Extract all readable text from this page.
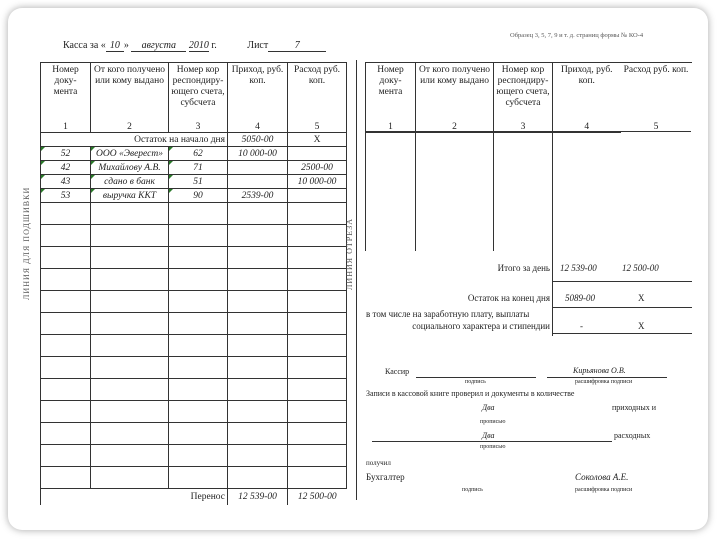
Касса за « 10 » августа 2010 г.	Лист	7
Образец 3, 5, 7, 9 и т. д. страниц формы № КО-4
Номер доку-мента	От кого получено или кому выдано	Номер кор респондиру-ющего счета, субсчета	Приход, руб. коп.	Расход руб. коп.
1	2	3	4	5
Остаток на начало дня			5050-00	Х
52	ООО «Эверест»	62	10 000-00	
42	Михайлову А.В.	71		2500-00
43	сдано в банк	51		10 000-00
53	выручка ККТ	90	2539-00	

Перенос			12 539-00	12 500-00
ЛИНИЯ ДЛЯ ПОДШИВКИ	ЛИНИЯ ОТРЕЗА
Номер доку-мента	От кого получено или кому выдано	Номер кор респондиру-ющего счета, субсчета	Приход, руб. коп.	Расход руб. коп.
1	2	3	4	5
Итого за день 12 539-00	12 500-00
Остаток на конец дня 5089-00	Х
в том числе на заработную плату, выплаты
социального характера и стипендии	-	Х
Кассир
подпись
Кирьянова О.В.
расшифровка подписи
Записи в кассовой книге проверил и документы в количестве
Два
прописью
приходных и
Два
прописью
расходных
получил
Бухгалтер	Соколова А.Е.
подпись	расшифровка подписи
